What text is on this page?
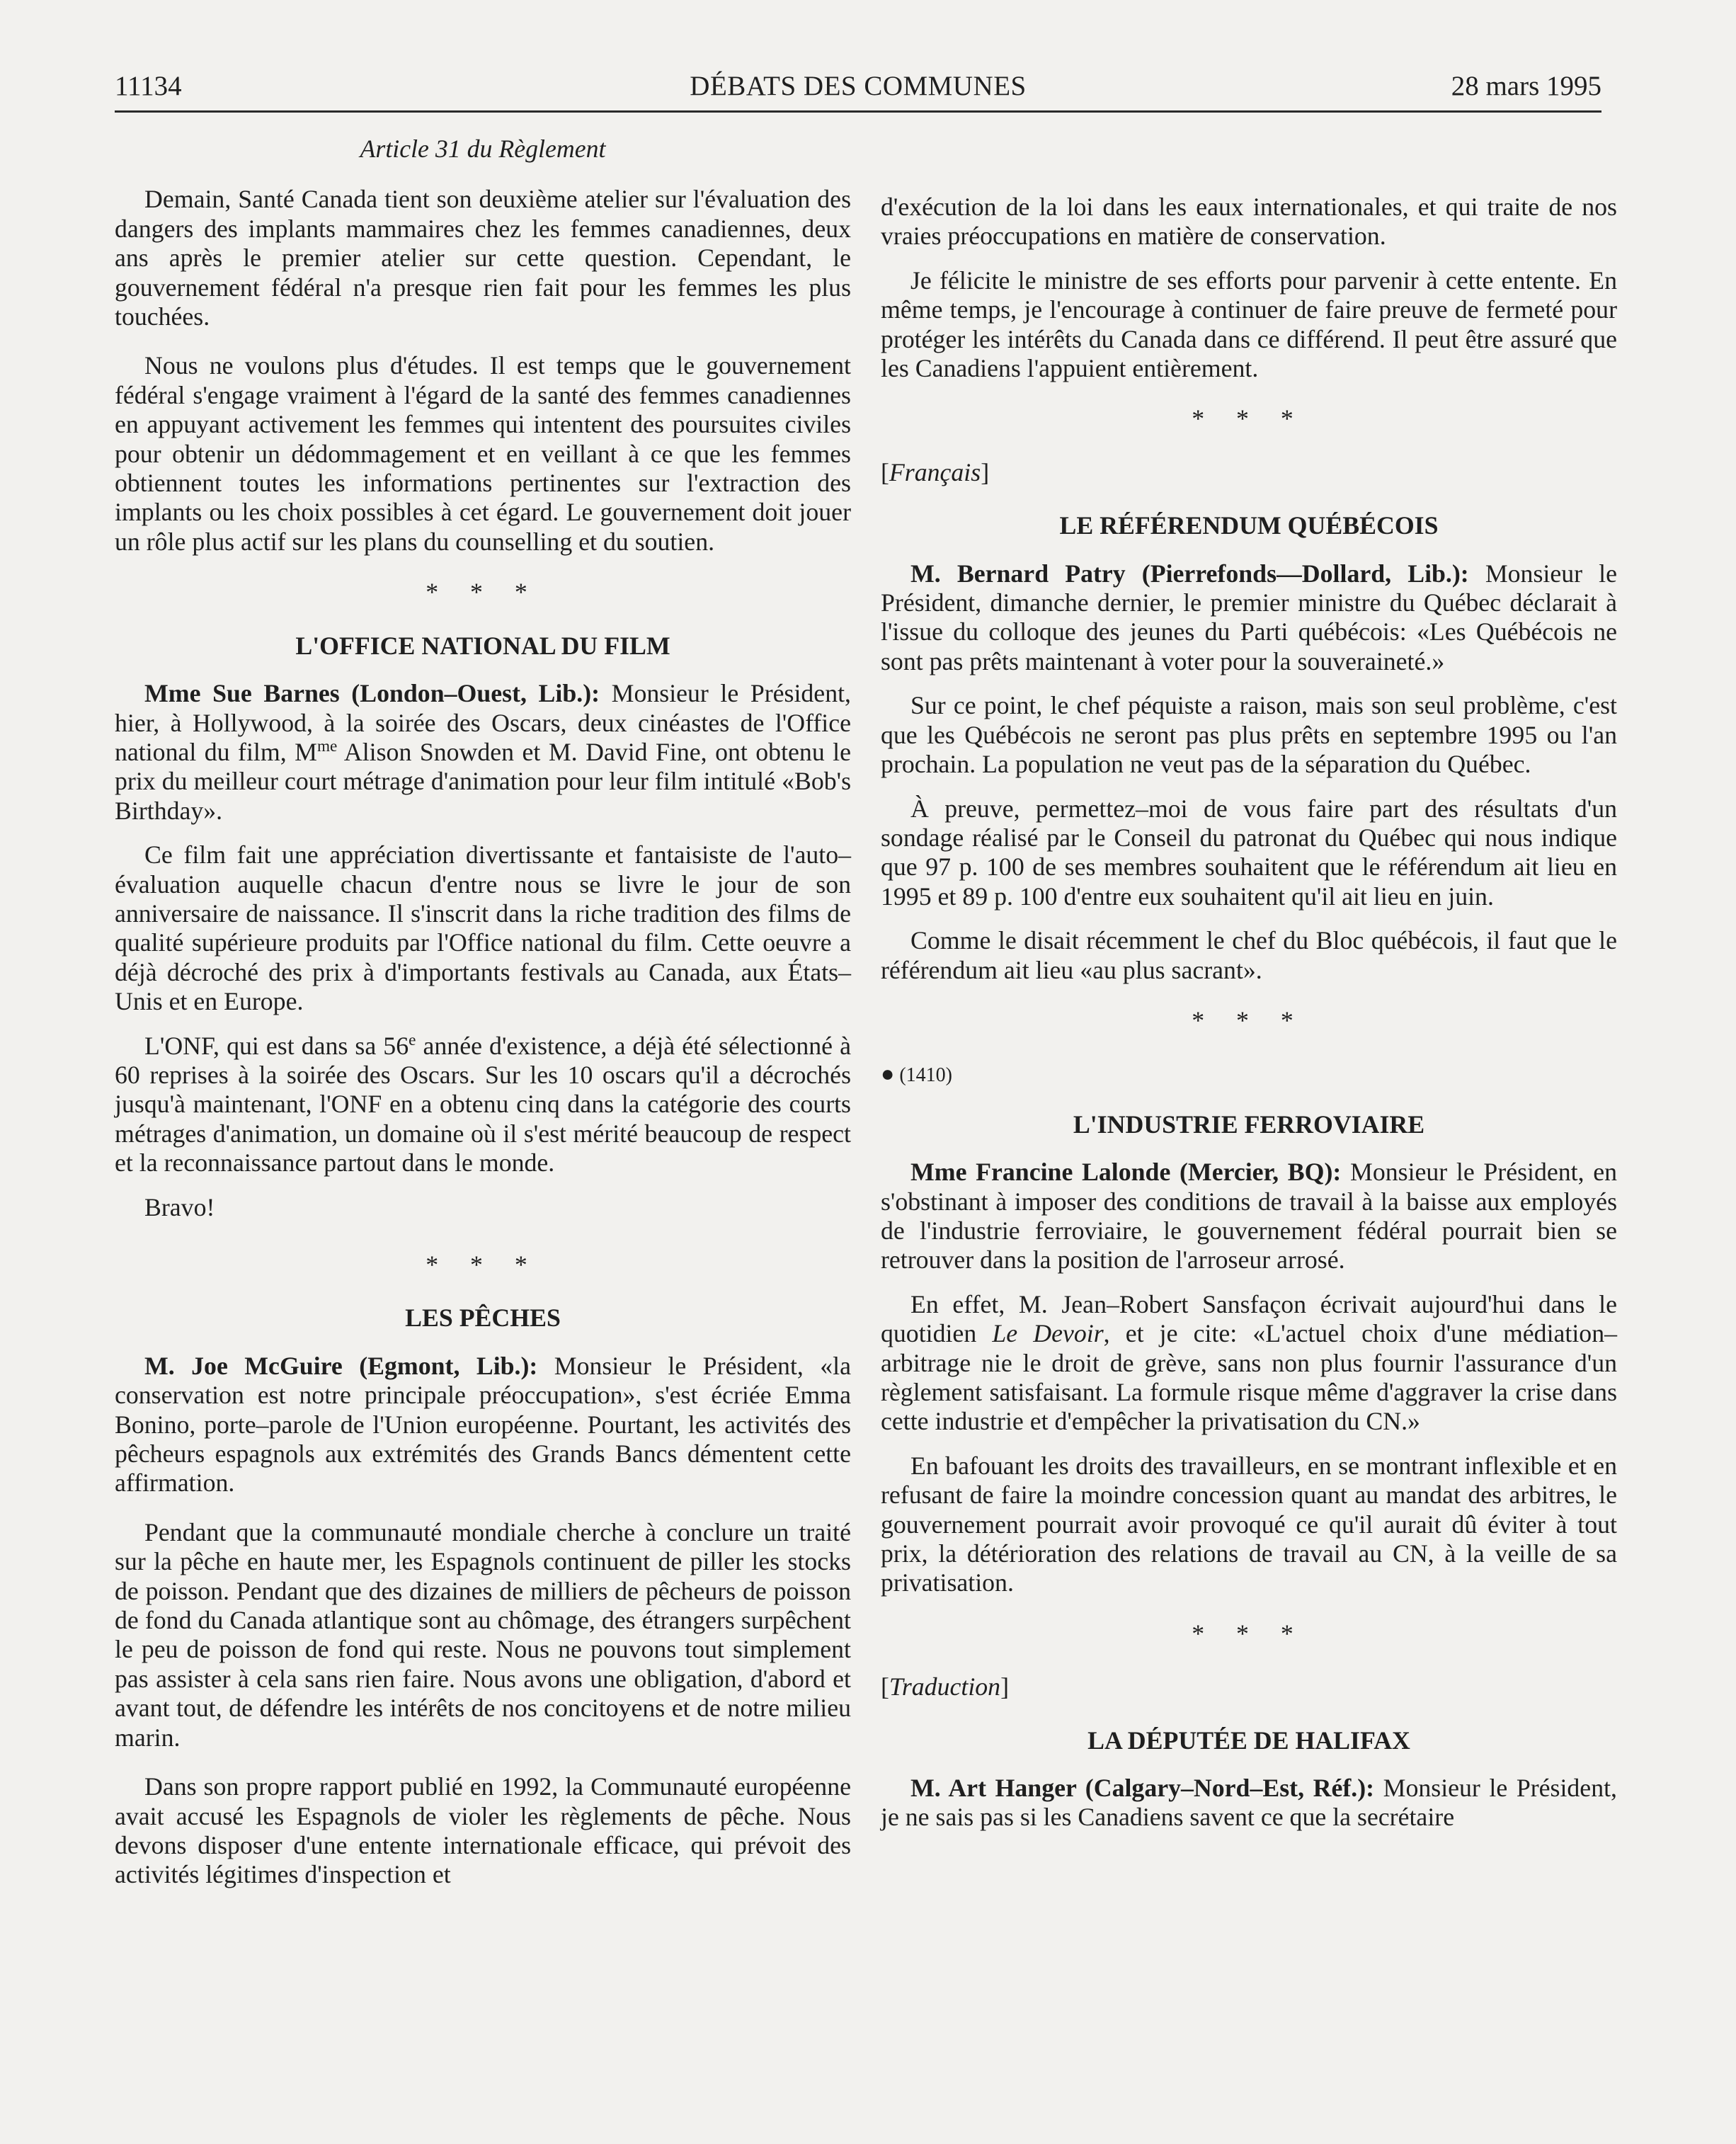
11134	DÉBATS DES COMMUNES	28 mars 1995
Article 31 du Règlement

Demain, Santé Canada tient son deuxième atelier sur l'évaluation des dangers des implants mammaires chez les femmes canadiennes, deux ans après le premier atelier sur cette question. Cependant, le gouvernement fédéral n'a presque rien fait pour les femmes les plus touchées.

Nous ne voulons plus d'études. Il est temps que le gouvernement fédéral s'engage vraiment à l'égard de la santé des femmes canadiennes en appuyant activement les femmes qui intentent des poursuites civiles pour obtenir un dédommagement et en veillant à ce que les femmes obtiennent toutes les informations pertinentes sur l'extraction des implants ou les choix possibles à cet égard. Le gouvernement doit jouer un rôle plus actif sur les plans du counselling et du soutien.

* * *
L'OFFICE NATIONAL DU FILM

Mme Sue Barnes (London–Ouest, Lib.): Monsieur le Président, hier, à Hollywood, à la soirée des Oscars, deux cinéastes de l'Office national du film, $M^{me}$ Alison Snowden et M. David Fine, ont obtenu le prix du meilleur court métrage d'animation pour leur film intitulé «Bob's Birthday».

Ce film fait une appréciation divertissante et fantaisiste de l'auto–évaluation auquelle chacun d'entre nous se livre le jour de son anniversaire de naissance. Il s'inscrit dans la riche tradition des films de qualité supérieure produits par l'Office national du film. Cette oeuvre a déjà décroché des prix à d'importants festivals au Canada, aux États–Unis et en Europe.

L'ONF, qui est dans sa 56e année d'existence, a déjà été sélectionné à 60 reprises à la soirée des Oscars. Sur les 10 oscars qu'il a décrochés jusqu'à maintenant, l'ONF en a obtenu cinq dans la catégorie des courts métrages d'animation, un domaine où il s'est mérité beaucoup de respect et la reconnaissance partout dans le monde.

Bravo!

* * *
LES PÊCHES

M. Joe McGuire (Egmont, Lib.): Monsieur le Président, «la conservation est notre principale préoccupation», s'est écriée Emma Bonino, porte–parole de l'Union européenne. Pourtant, les activités des pêcheurs espagnols aux extrémités des Grands Bancs démentent cette affirmation.

Pendant que la communauté mondiale cherche à conclure un traité sur la pêche en haute mer, les Espagnols continuent de piller les stocks de poisson. Pendant que des dizaines de milliers de pêcheurs de poisson de fond du Canada atlantique sont au chômage, des étrangers surpêchent le peu de poisson de fond qui reste. Nous ne pouvons tout simplement pas assister à cela sans rien faire. Nous avons une obligation, d'abord et avant tout, de défendre les intérêts de nos concitoyens et de notre milieu marin.

Dans son propre rapport publié en 1992, la Communauté européenne avait accusé les Espagnols de violer les règlements de pêche. Nous devons disposer d'une entente internationale efficace, qui prévoit des activités légitimes d'inspection et

d'exécution de la loi dans les eaux internationales, et qui traite de nos vraies préoccupations en matière de conservation.

Je félicite le ministre de ses efforts pour parvenir à cette entente. En même temps, je l'encourage à continuer de faire preuve de fermeté pour protéger les intérêts du Canada dans ce différend. Il peut être assuré que les Canadiens l'appuient entièrement.

* * *
[Français]
LE RÉFÉRENDUM QUÉBÉCOIS

M. Bernard Patry (Pierrefonds—Dollard, Lib.): Monsieur le Président, dimanche dernier, le premier ministre du Québec déclarait à l'issue du colloque des jeunes du Parti québécois: «Les Québécois ne sont pas prêts maintenant à voter pour la souveraineté.»

Sur ce point, le chef péquiste a raison, mais son seul problème, c'est que les Québécois ne seront pas plus prêts en septembre 1995 ou l'an prochain. La population ne veut pas de la séparation du Québec.

À preuve, permettez–moi de vous faire part des résultats d'un sondage réalisé par le Conseil du patronat du Québec qui nous indique que 97 p. 100 de ses membres souhaitent que le référendum ait lieu en 1995 et 89 p. 100 d'entre eux souhaitent qu'il ait lieu en juin.

Comme le disait récemment le chef du Bloc québécois, il faut que le référendum ait lieu «au plus sacrant».

* * *
● (1410)
L'INDUSTRIE FERROVIAIRE

Mme Francine Lalonde (Mercier, BQ): Monsieur le Président, en s'obstinant à imposer des conditions de travail à la baisse aux employés de l'industrie ferroviaire, le gouvernement fédéral pourrait bien se retrouver dans la position de l'arroseur arrosé.

En effet, M. Jean–Robert Sansfaçon écrivait aujourd'hui dans le quotidien Le Devoir, et je cite: «L'actuel choix d'une médiation–arbitrage nie le droit de grève, sans non plus fournir l'assurance d'un règlement satisfaisant. La formule risque même d'aggraver la crise dans cette industrie et d'empêcher la privatisation du CN.»

En bafouant les droits des travailleurs, en se montrant inflexible et en refusant de faire la moindre concession quant au mandat des arbitres, le gouvernement pourrait avoir provoqué ce qu'il aurait dû éviter à tout prix, la détérioration des relations de travail au CN, à la veille de sa privatisation.

* * *
[Traduction]
LA DÉPUTÉE DE HALIFAX

M. Art Hanger (Calgary–Nord–Est, Réf.): Monsieur le Président, je ne sais pas si les Canadiens savent ce que la secrétaire
